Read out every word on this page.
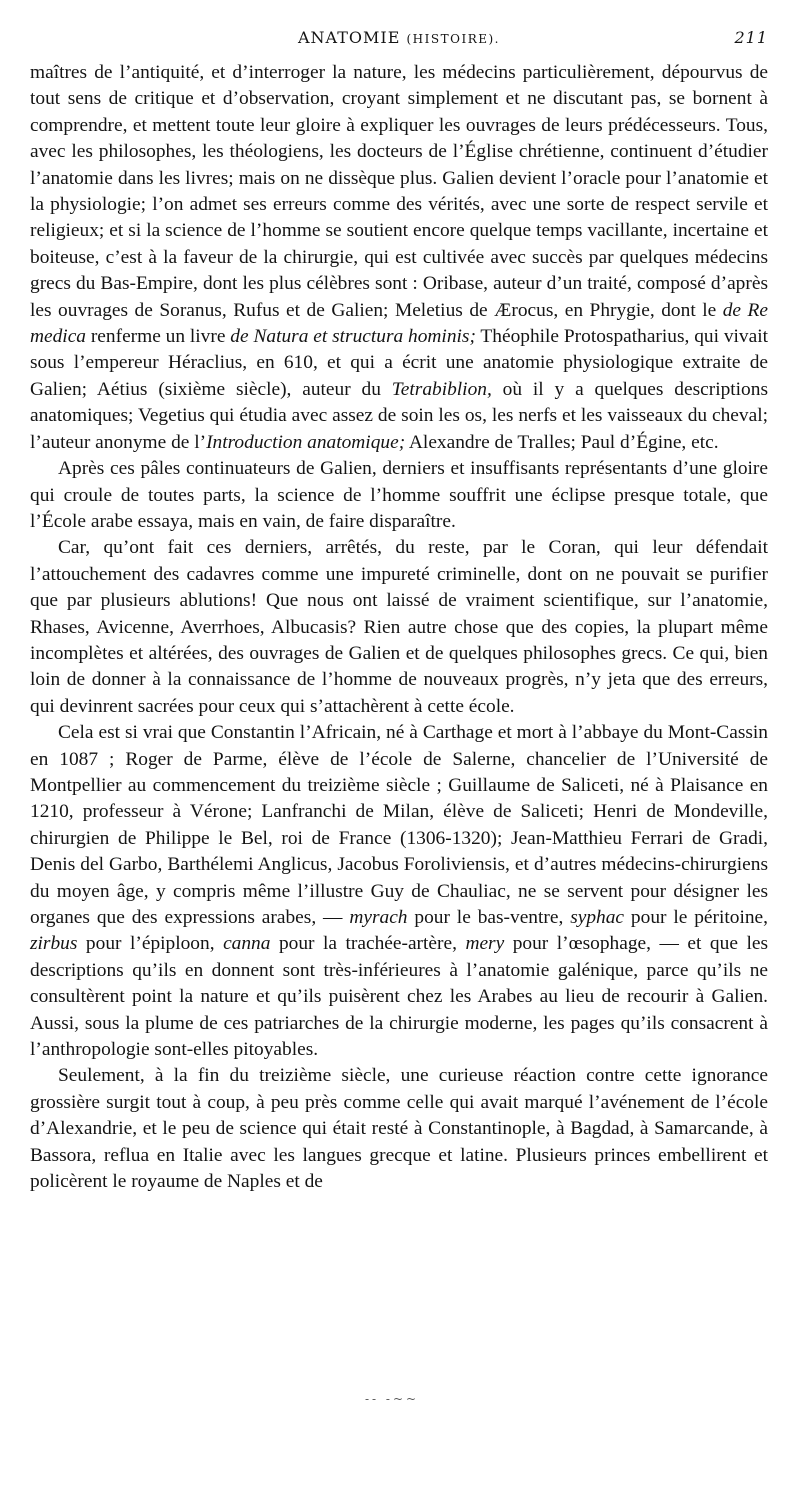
ANATOMIE (HISTOIRE).	211

maîtres de l’antiquité, et d’interroger la nature, les médecins particulièrement, dépourvus de tout sens de critique et d’observation, croyant simplement et ne discutant pas, se bornent à comprendre, et mettent toute leur gloire à expliquer les ouvrages de leurs prédécesseurs. Tous, avec les philosophes, les théologiens, les docteurs de l’Église chrétienne, continuent d’étudier l’anatomie dans les livres; mais on ne dissèque plus. Galien devient l’oracle pour l’anatomie et la physiologie; l’on admet ses erreurs comme des vérités, avec une sorte de respect servile et religieux; et si la science de l’homme se soutient encore quelque temps vacillante, incertaine et boiteuse, c’est à la faveur de la chirurgie, qui est cultivée avec succès par quelques médecins grecs du Bas-Empire, dont les plus célèbres sont : Oribase, auteur d’un traité, composé d’après les ouvrages de Soranus, Rufus et de Galien; Meletius de Ærocus, en Phrygie, dont le de Re medica renferme un livre de Natura et structura hominis; Théophile Protospatharius, qui vivait sous l’empereur Héraclius, en 610, et qui a écrit une anatomie physiologique extraite de Galien; Aétius (sixième siècle), auteur du Tetrabiblion, où il y a quelques descriptions anatomiques; Vegetius qui étudia avec assez de soin les os, les nerfs et les vaisseaux du cheval; l’auteur anonyme de l’Introduction anatomique; Alexandre de Tralles; Paul d’Égine, etc.

Après ces pâles continuateurs de Galien, derniers et insuffisants représentants d’une gloire qui croule de toutes parts, la science de l’homme souffrit une éclipse presque totale, que l’École arabe essaya, mais en vain, de faire disparaître.

Car, qu’ont fait ces derniers, arrêtés, du reste, par le Coran, qui leur défendait l’attouchement des cadavres comme une impureté criminelle, dont on ne pouvait se purifier que par plusieurs ablutions! Que nous ont laissé de vraiment scientifique, sur l’anatomie, Rhases, Avicenne, Averrhoes, Albucasis? Rien autre chose que des copies, la plupart même incomplètes et altérées, des ouvrages de Galien et de quelques philosophes grecs. Ce qui, bien loin de donner à la connaissance de l’homme de nouveaux progrès, n’y jeta que des erreurs, qui devinrent sacrées pour ceux qui s’attachèrent à cette école.

Cela est si vrai que Constantin l’Africain, né à Carthage et mort à l’abbaye du Mont-Cassin en 1087 ; Roger de Parme, élève de l’école de Salerne, chancelier de l’Université de Montpellier au commencement du treizième siècle ; Guillaume de Saliceti, né à Plaisance en 1210, professeur à Vérone; Lanfranchi de Milan, élève de Saliceti; Henri de Mondeville, chirurgien de Philippe le Bel, roi de France (1306-1320); Jean-Matthieu Ferrari de Gradi, Denis del Garbo, Barthélemi Anglicus, Jacobus Foroliviensis, et d’autres médecins-chirurgiens du moyen âge, y compris même l’illustre Guy de Chauliac, ne se servent pour désigner les organes que des expressions arabes, — myrach pour le bas-ventre, syphac pour le péritoine, zirbus pour l’épiploon, canna pour la trachée-artère, mery pour l’œsophage, — et que les descriptions qu’ils en donnent sont très-inférieures à l’anatomie galénique, parce qu’ils ne consultèrent point la nature et qu’ils puisèrent chez les Arabes au lieu de recourir à Galien. Aussi, sous la plume de ces patriarches de la chirurgie moderne, les pages qu’ils consacrent à l’anthropologie sont-elles pitoyables.

Seulement, à la fin du treizième siècle, une curieuse réaction contre cette ignorance grossière surgit tout à coup, à peu près comme celle qui avait marqué l’avénement de l’école d’Alexandrie, et le peu de science qui était resté à Constantinople, à Bagdad, à Samarcande, à Bassora, reflua en Italie avec les langues grecque et latine. Plusieurs princes embellirent et policèrent le royaume de Naples et de

-- -~~
